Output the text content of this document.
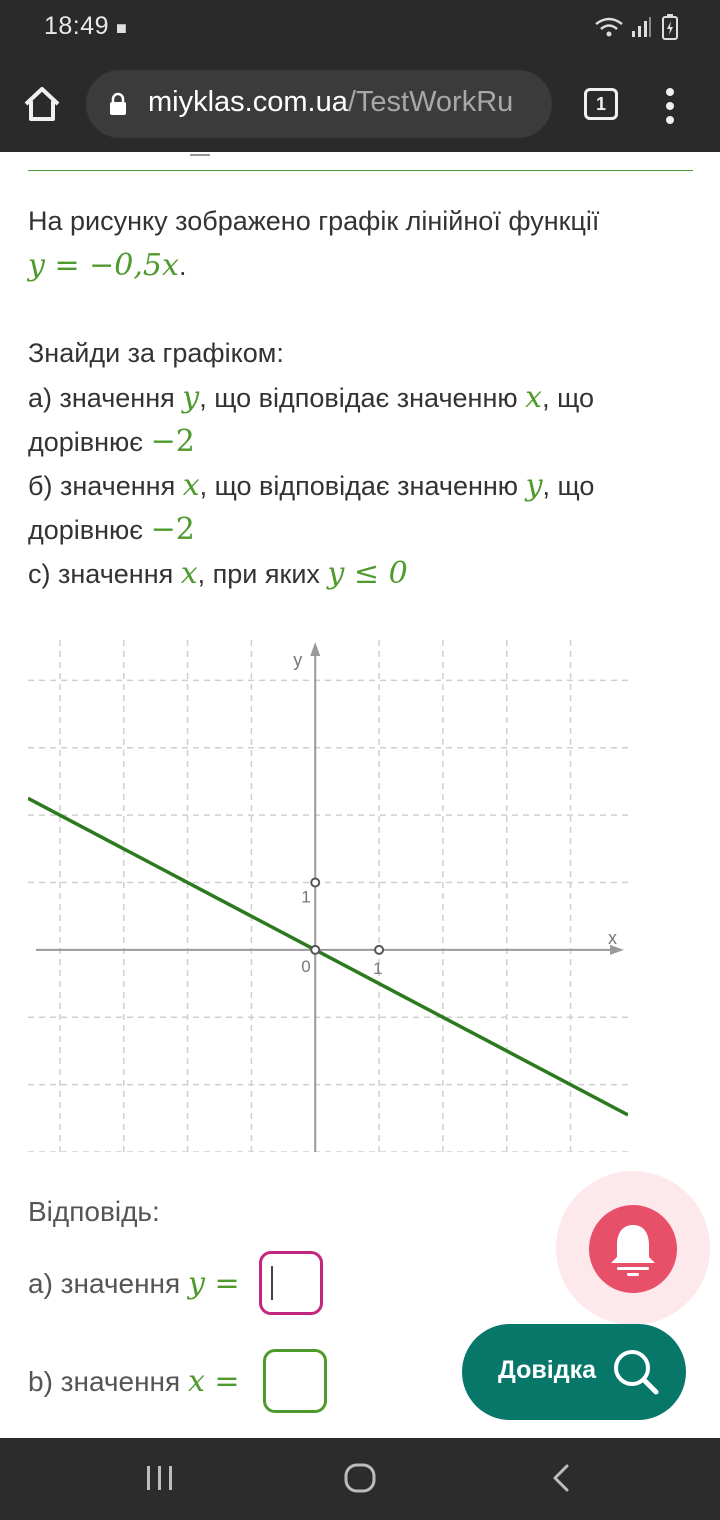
18:49 ■
miyklas.com.ua/TestWorkRu	1
На рисунку зображено графік лінійної функції
y = −0,5x.
Знайди за графіком:
а) значення y, що відповідає значенню x, що
дорівнює −2
б) значення x, що відповідає значенню y, що
дорівнює −2
с) значення x, при яких y ≤ 0
x
y
0	1
1
Відповідь:
а) значення y =
b) значення x =	Довідка
